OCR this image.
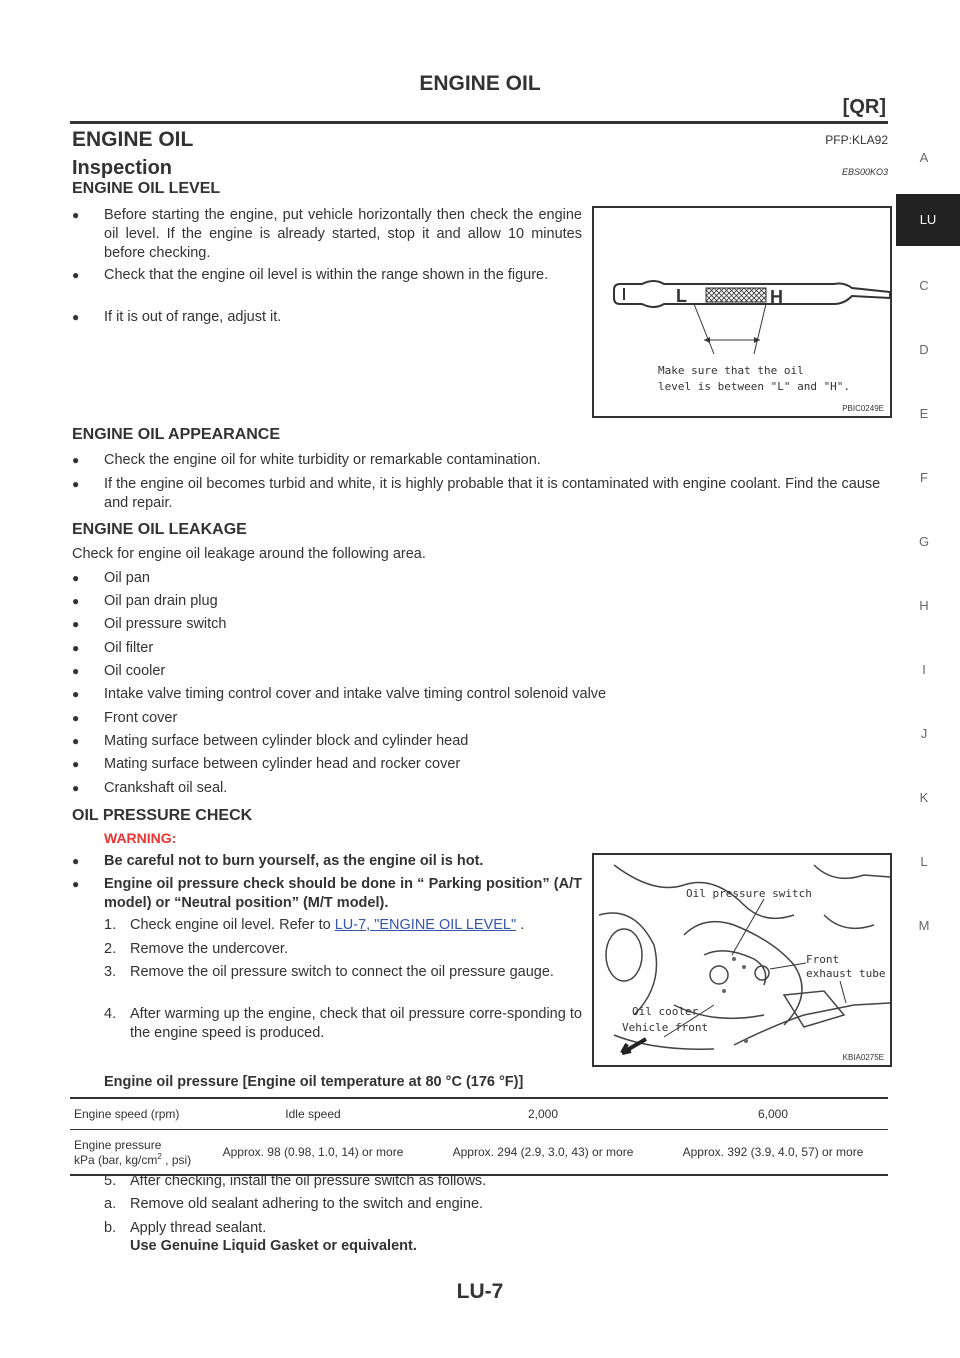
ENGINE OIL
[QR]
ENGINE OIL	PFP:KLA92
Inspection	EBS00KO3
ENGINE OIL LEVEL
● Before starting the engine, put vehicle horizontally then check the engine oil level. If the engine is already started, stop it and allow 10 minutes before checking.
● Check that the engine oil level is within the range shown in the figure.
● If it is out of range, adjust it.
L	H
Make sure that the oil
level is between "L" and "H".
PBIC0249E
ENGINE OIL APPEARANCE
● Check the engine oil for white turbidity or remarkable contamination.
● If the engine oil becomes turbid and white, it is highly probable that it is contaminated with engine coolant. Find the cause and repair.
ENGINE OIL LEAKAGE
Check for engine oil leakage around the following area.
● Oil pan
● Oil pan drain plug
● Oil pressure switch
● Oil filter
● Oil cooler
● Intake valve timing control cover and intake valve timing control solenoid valve
● Front cover
● Mating surface between cylinder block and cylinder head
● Mating surface between cylinder head and rocker cover
● Crankshaft oil seal.
OIL PRESSURE CHECK
WARNING:
● Be careful not to burn yourself, as the engine oil is hot.
● Engine oil pressure check should be done in “ Parking position” (A/T model) or “Neutral position” (M/T model).
1. Check engine oil level. Refer to LU-7, "ENGINE OIL LEVEL" .
2. Remove the undercover.
3. Remove the oil pressure switch to connect the oil pressure gauge.
4. After warming up the engine, check that oil pressure corre-sponding to the engine speed is produced.
Oil pressure switch
Front
exhaust tube
Oil cooler
Vehicle front
KBIA0275E
Engine oil pressure [Engine oil temperature at 80 °C (176 °F)]
Engine speed (rpm)	Idle speed	2,000	6,000
Engine pressure
kPa (bar, $kg/cm^2$ , psi)	Approx. 98 (0.98, 1.0, 14) or more	Approx. 294 (2.9, 3.0, 43) or more	Approx. 392 (3.9, 4.0, 57) or more
5. After checking, install the oil pressure switch as follows.
a. Remove old sealant adhering to the switch and engine.
b. Apply thread sealant.
Use Genuine Liquid Gasket or equivalent.
LU-7
A
LU
C
D
E
F
G
H
I
J
K
L
M
